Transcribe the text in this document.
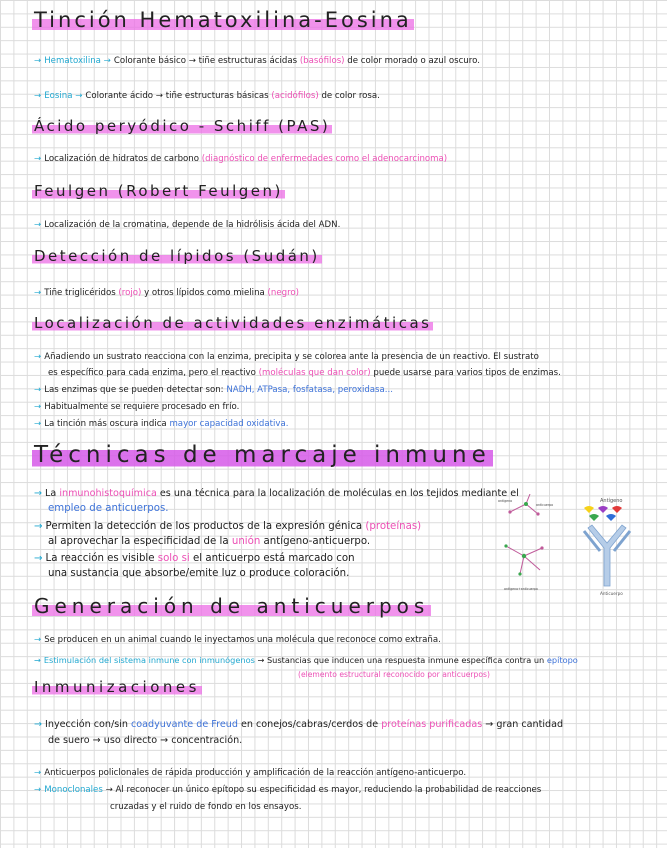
Tinción Hematoxilina-Eosina
→ Hematoxilina → Colorante básico → tiñe estructuras ácidas (basófilos) de color morado o azul oscuro.
→ Eosina → Colorante ácido → tiñe estructuras básicas (acidófilos) de color rosa.
Ácido peryódico - Schiff (PAS)
→ Localización de hidratos de carbono (diagnóstico de enfermedades como el adenocarcinoma)
Feulgen (Robert Feulgen)
→ Localización de la cromatina, depende de la hidrólisis ácida del ADN.
Detección de lípidos (Sudán)
→ Tiñe triglicéridos (rojo) y otros lípidos como mielina (negro)
Localización de actividades enzimáticas
→ Añadiendo un sustrato reacciona con la enzima, precipita y se colorea ante la presencia de un reactivo. El sustrato
es específico para cada enzima, pero el reactivo (moléculas que dan color) puede usarse para varios tipos de enzimas.
→ Las enzimas que se pueden detectar son: NADH, ATPasa, fosfatasa, peroxidasa...
→ Habitualmente se requiere procesado en frío.
→ La tinción más oscura indica mayor capacidad oxidativa.
Técnicas de marcaje inmune
→ La inmunohistoquímica es una técnica para la localización de moléculas en los tejidos mediante el
empleo de anticuerpos.
→ Permiten la detección de los productos de la expresión génica (proteínas)
al aprovechar la especificidad de la unión antígeno-anticuerpo.
→ La reacción es visible solo si el anticuerpo está marcado con
una sustancia que absorbe/emite luz o produce coloración.
antígeno
anticuerpo
antígeno+anticuerpo
Antígeno
Anticuerpo
Generación de anticuerpos
→ Se producen en un animal cuando le inyectamos una molécula que reconoce como extraña.
→ Estimulación del sistema inmune con inmunógenos → Sustancias que inducen una respuesta inmune específica contra un epítopo
(elemento estructural reconocido por anticuerpos)
Inmunizaciones
→ Inyección con/sin coadyuvante de Freud en conejos/cabras/cerdos de proteínas purificadas → gran cantidad
de suero → uso directo → concentración.
→ Anticuerpos policlonales de rápida producción y amplificación de la reacción antígeno-anticuerpo.
→ Monoclonales → Al reconocer un único epítopo su especificidad es mayor, reduciendo la probabilidad de reacciones
cruzadas y el ruido de fondo en los ensayos.
